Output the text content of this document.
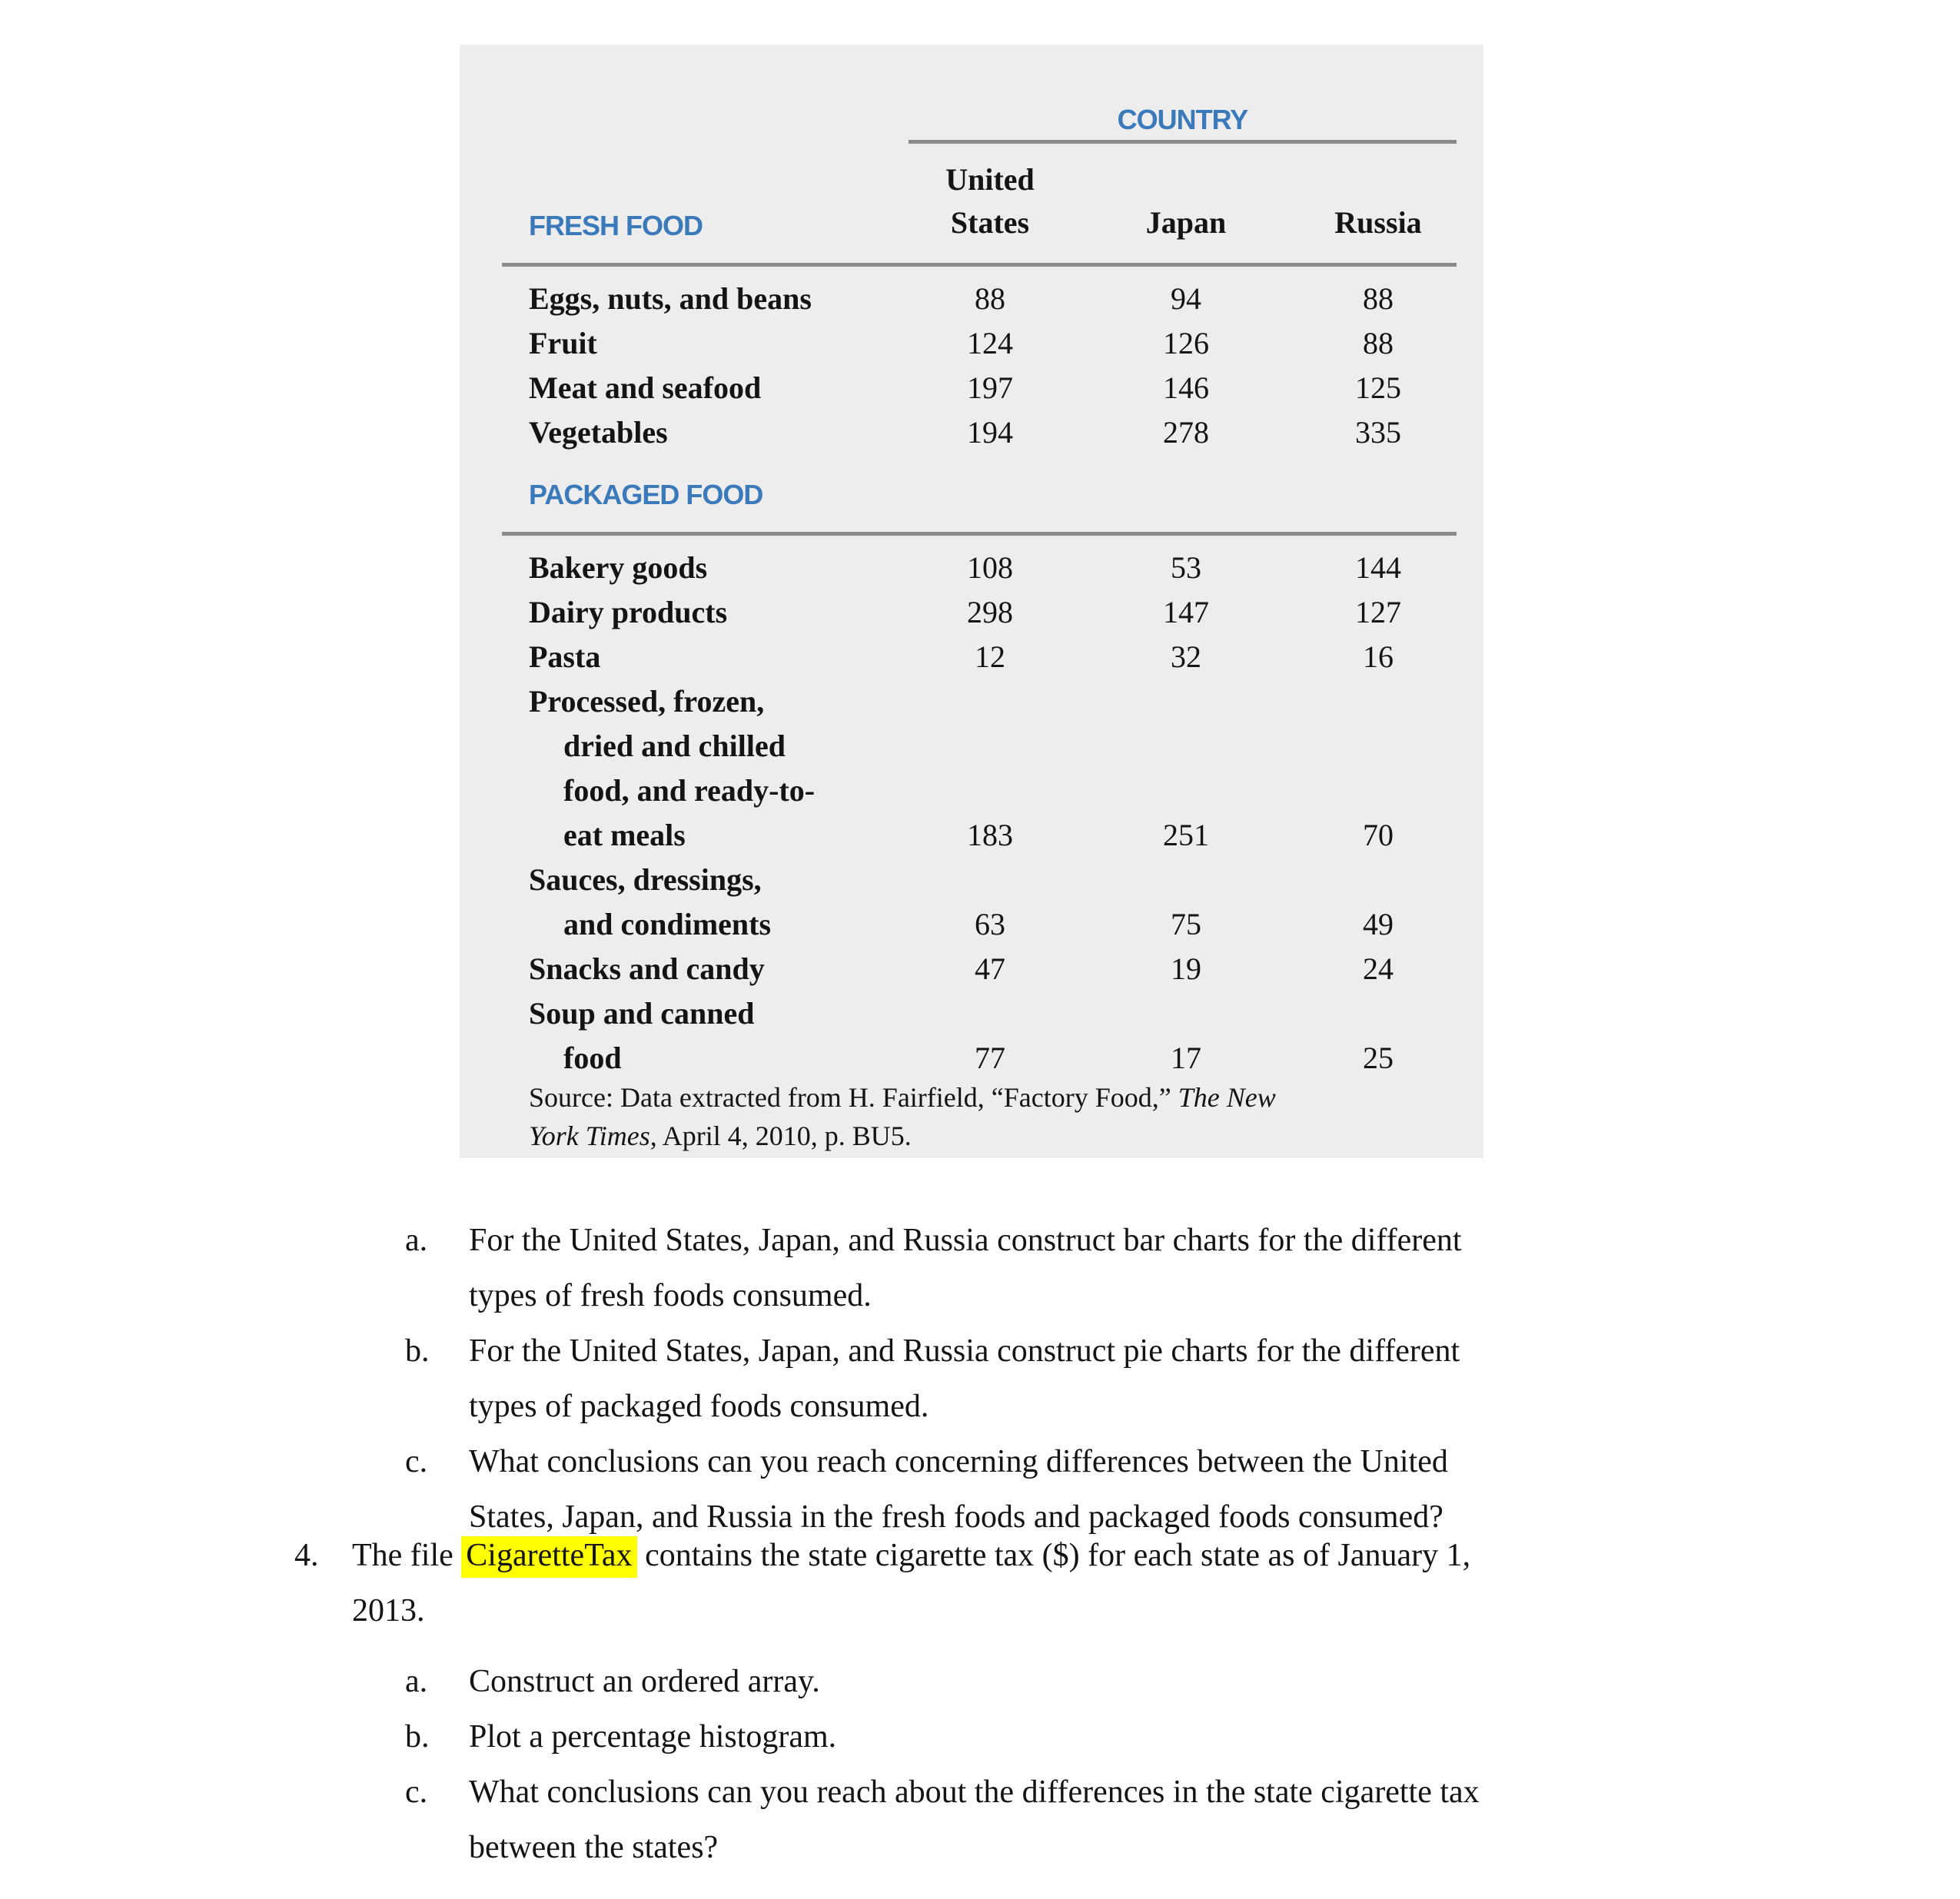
COUNTRY
United
States	Japan	Russia
FRESH FOOD
Eggs, nuts, and beans	88	94	88
Fruit	124	126	88
Meat and seafood	197	146	125
Vegetables	194	278	335
PACKAGED FOOD
Bakery goods	108	53	144
Dairy products	298	147	127
Pasta	12	32	16
Processed, frozen,
dried and chilled
food, and ready-to-
eat meals	183	251	70
Sauces, dressings,
and condiments	63	75	49
Snacks and candy	47	19	24
Soup and canned
food	77	17	25
Source: Data extracted from H. Fairfield, “Factory Food,” The New
York Times, April 4, 2010, p. BU5.
a. For the United States, Japan, and Russia construct bar charts for the different
types of fresh foods consumed.
b. For the United States, Japan, and Russia construct pie charts for the different
types of packaged foods consumed.
c. What conclusions can you reach concerning differences between the United
States, Japan, and Russia in the fresh foods and packaged foods consumed?
4. The file CigaretteTax contains the state cigarette tax ($) for each state as of January 1,
2013.
a. Construct an ordered array.
b. Plot a percentage histogram.
c. What conclusions can you reach about the differences in the state cigarette tax
between the states?
